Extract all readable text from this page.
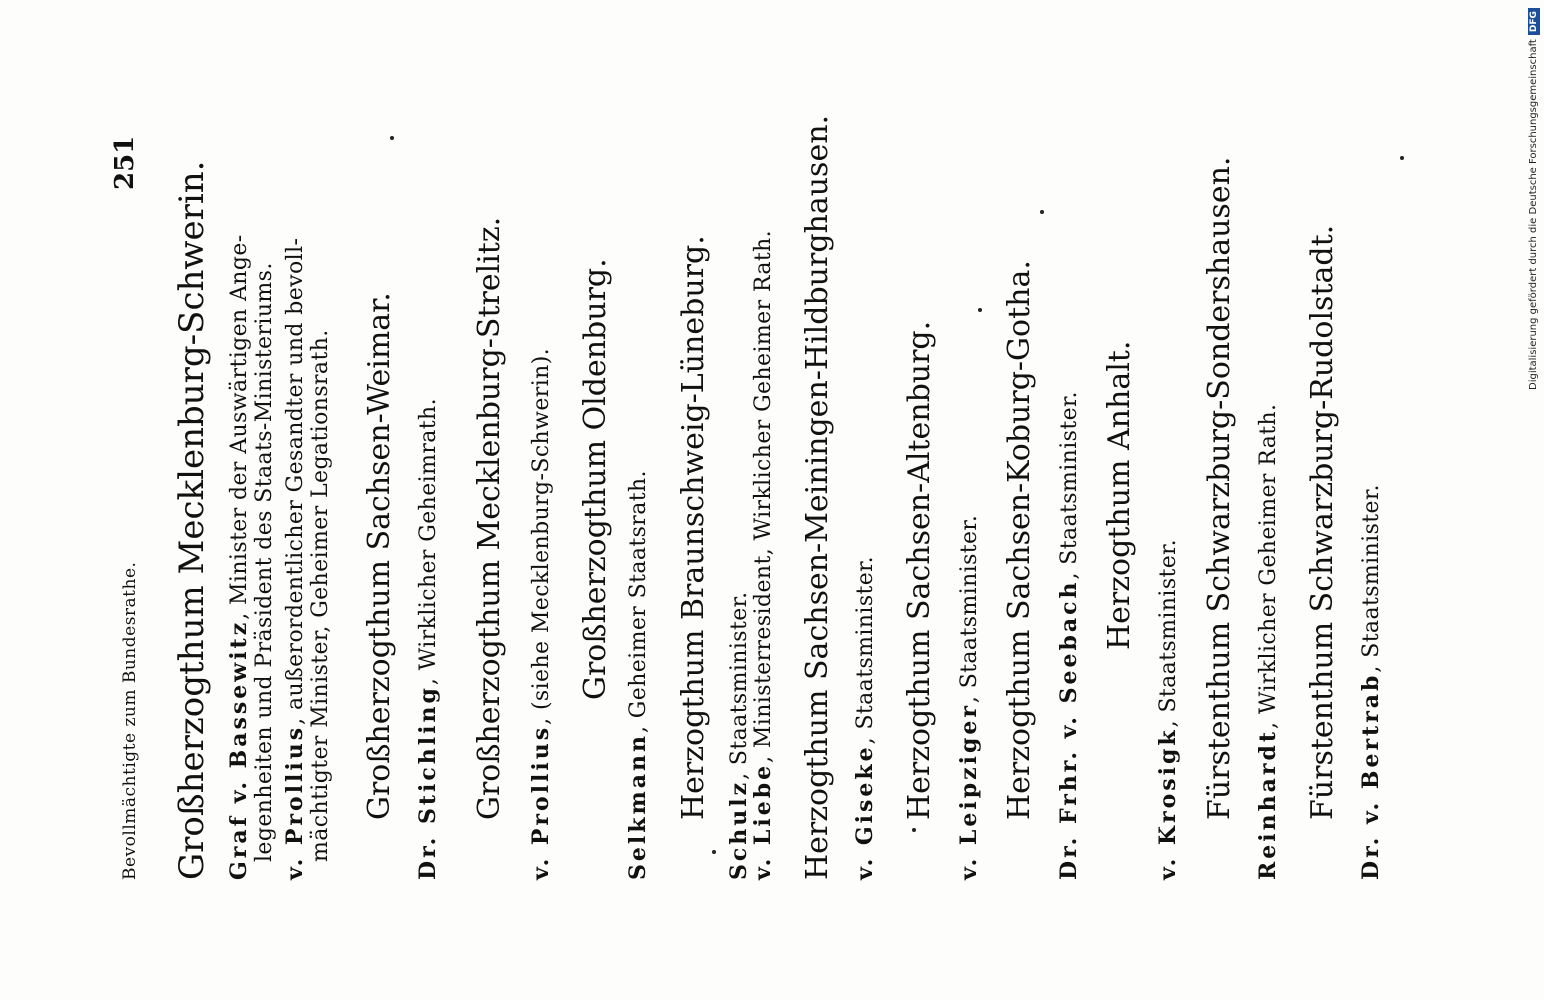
Bevollmächtigte zum Bundesrathe.
251 Großherzogthum Mecklenburg-Schwerin. Graf v. Bassewitz, Minister der Auswärtigen Ange- legenheiten und Präsident des Staats-Ministeriums. v. Prollius, außerordentlicher Gesandter und bevoll- mächtigter Minister, Geheimer Legationsrath. Großherzogthum Sachsen-Weimar. Dr. Stichling, Wirklicher Geheimrath. Großherzogthum Mecklenburg-Strelitz. v. Prollius, (siehe Mecklenburg-Schwerin). Großherzogthum Oldenburg.
Selkmann, Geheimer Staatsrath. Herzogthum Braunschweig-Lüneburg.
Schulz, Staatsminister.
v. Liebe, Ministerresident, Wirklicher Geheimer Rath. Herzogthum Sachsen-Meiningen-Hildburghausen. v. Giseke, Staatsminister. Herzogthum Sachsen-Altenburg. v. Leipziger, Staatsminister. Herzogthum Sachsen-Koburg-Gotha. Dr. Frhr. v. Seebach, Staatsminister. Herzogthum Anhalt.
v. Krosigk, Staatsminister. Fürstenthum Schwarzburg-Sondershausen. Reinhardt, Wirklicher Geheimer Rath. Fürstenthum Schwarzburg-Rudolstadt. Dr. v. Bertrab, Staatsminister.
Digitalisierung gefördert durch die Deutsche ForschungsgemeinschaftDFG
